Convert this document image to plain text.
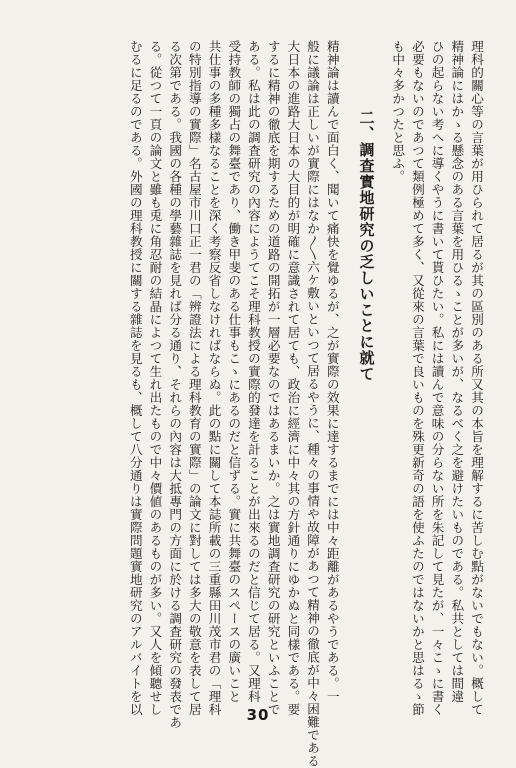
理科的關心等の言葉が用ひられて居るが其の區別のある所又其の本旨を理解するに苦しむ點がないでもない。概して
精神論にはかゝる懸念のある言葉を用ひるゝことが多いが、なるべく之を避けたいものである。私共としては間違
ひの起らない考へに導くやうに書いて貰ひたい。私には讀んで意味の分らない所を朱記して見たが、一々こゝに書く
必要もないのであつて類例極めて多く、又從來の言葉で良いものを殊更新奇の語を使ふたのではないかと思はるゝ節
も中々多かつたと思ふ。
二、調査實地研究の乏しいことに就て
精神論は讀んで面白く、聞いて痛快を覺ゆるが、之が實際の效果に達するまでには中々距離があるやうである。一
般に議論は正しいが實際にはなか〳〵六ケ敷いといつて居るやうに、種々の事情や故障があつて精神の徹底が中々困難である
大日本の進路大日本の大目的が明確に意識されて居ても、政治に經濟に中々其の方針通りにゆかぬと同樣である。要
するに精神の徹底を期するための道路の開拓が一層必要なのではあるまいか。之は實地調査研究の研究といふことで
ある。私は此の調査研究の內容にようてこそ理科教授の實際的發達を計ることが出來るのだと信じて居る。又理科
受持教師の獨占の舞臺であり、働き甲斐のある仕事もこゝにあるのだと信ずる。實に共舞臺のスペースの廣いこと
共仕事の多種多樣なることを深く考察反省しなければならぬ。此の點に關して本誌所載の三重縣田川茂市君の「理科
の特別指導の實際」名古屋市川口正一君の「辨證法による理科教育の實際」の論文に對しては多大の敬意を表して居
る次第である。我國の各種の學藝雜誌を見れば分る通り、それらの內容は大抵專門の方面に於ける調査研究の發表であ
る。從つて一頁の論文と雖も兎に角忍耐の結晶によつて生れ出たもので中々價値のあるものが多い。又人を傾聽せし
むるに足るのである。外國の理科教授に關する雜誌を見るも、概して八分通りは實際問題實地研究のアルバイトを以	30
